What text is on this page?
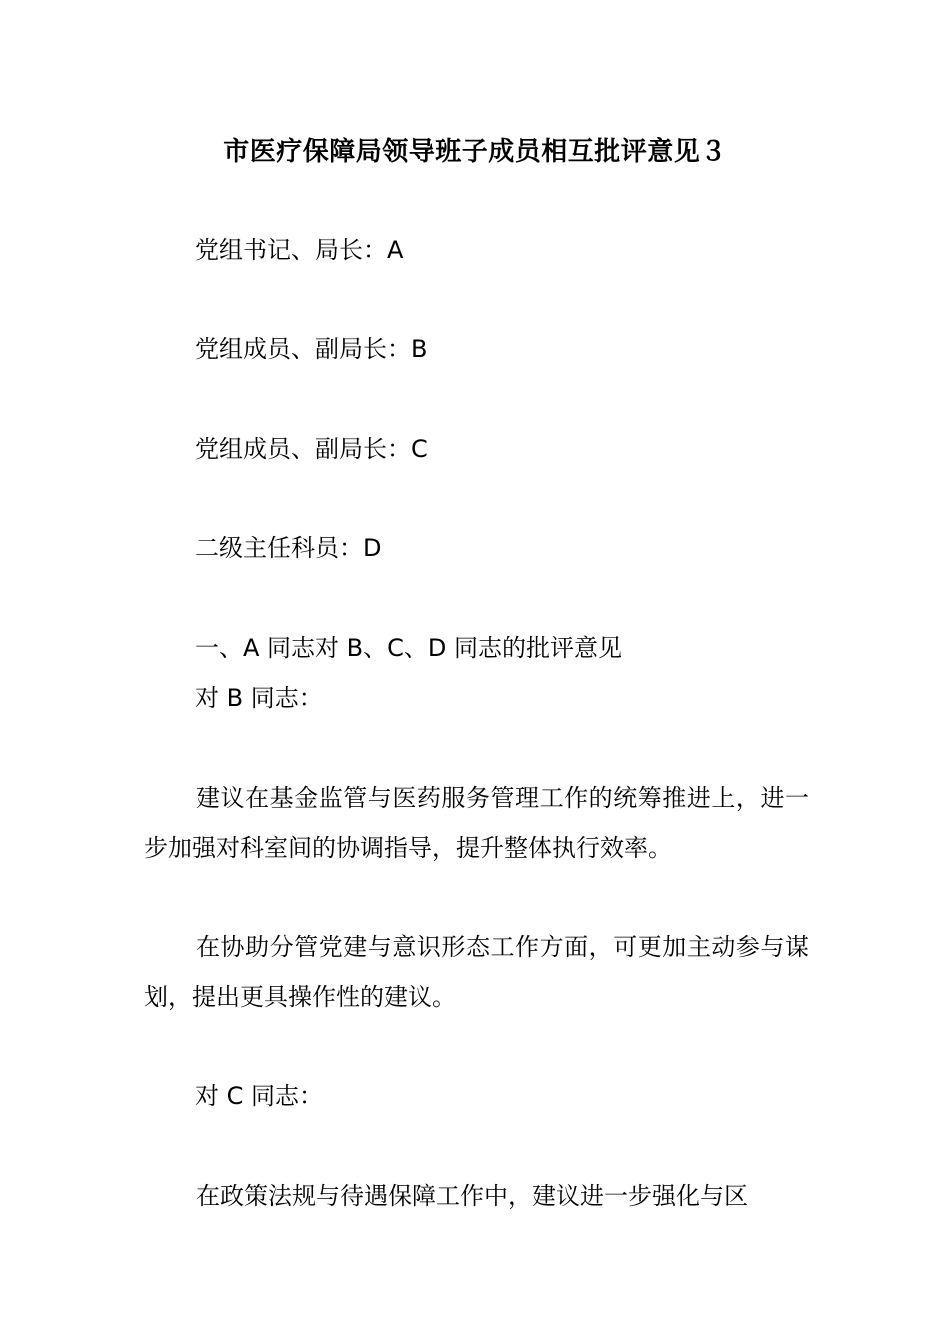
市医疗保障局领导班子成员相互批评意见３
党组书记、局长：A
党组成员、副局长：B
党组成员、副局长：C
二级主任科员：D
一、A 同志对 B、C、D 同志的批评意见
对 B 同志：
建议在基金监管与医药服务管理工作的统筹推进上，进一步加强对科室间的协调指导，提升整体执行效率。
在协助分管党建与意识形态工作方面，可更加主动参与谋划，提出更具操作性的建议。
对 C 同志：
在政策法规与待遇保障工作中，建议进一步强化与区
